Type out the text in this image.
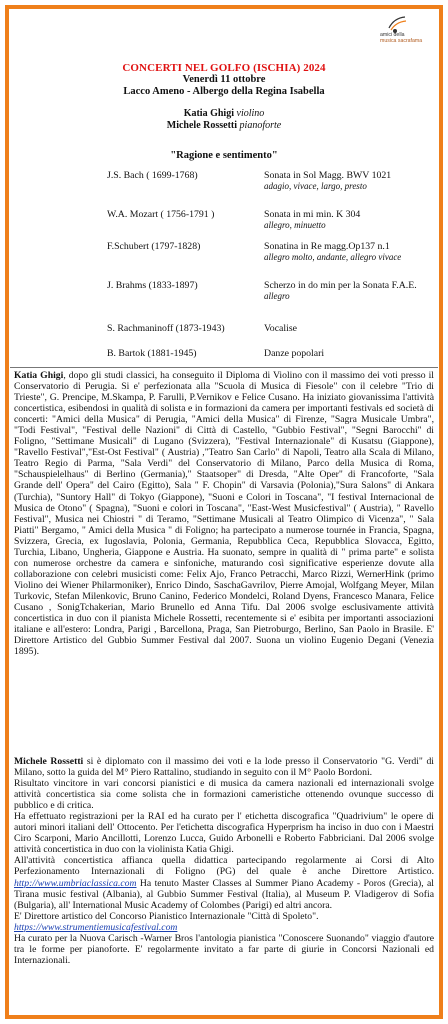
amici della
musica sacrafama
CONCERTI NEL GOLFO (ISCHIA) 2024
Venerdì 11 ottobre
Lacco Ameno - Albergo della Regina Isabella
Katia Ghigi violino
Michele Rossetti pianoforte
"Ragione e sentimento"
J.S. Bach ( 1699-1768)	Sonata in Sol Magg. BWV 1021
adagio, vivace, largo, presto
W.A. Mozart ( 1756-1791 )	Sonata in mi min. K 304
allegro, minuetto
F.Schubert (1797-1828)	Sonatina in Re magg.Op137 n.1
allegro molto, andante, allegro vivace
J. Brahms (1833-1897)	Scherzo in do min per la Sonata F.A.E.
allegro
S. Rachmaninoff (1873-1943)	Vocalise
B. Bartok (1881-1945)	Danze popolari

Katia Ghigi, dopo gli studi classici, ha conseguito il Diploma di Violino con il massimo dei voti presso il Conservatorio di Perugia. Si e' perfezionata alla "Scuola di Musica di Fiesole" con il celebre "Trio di Trieste", G. Prencipe, M.Skampa, P. Farulli, P.Vernikov e Felice Cusano. Ha iniziato giovanissima l'attività concertistica, esibendosi in qualità di solista e in formazioni da camera per importanti festivals ed società di concerti: "Amici della Musica" di Perugia, "Amici della Musica" di Firenze, "Sagra Musicale Umbra", "Todi Festival", "Festival delle Nazioni" di Città di Castello, "Gubbio Festival", "Segni Barocchi" di Foligno, "Settimane Musicali" di Lugano (Svizzera), "Festival Internazionale" di Kusatsu (Giappone), "Ravello Festival","Est-Ost Festival" ( Austria) ,"Teatro San Carlo" di Napoli, Teatro alla Scala di Milano, Teatro Regio di Parma, "Sala Verdi" del Conservatorio di Milano, Parco della Musica di Roma, "Schauspielelhaus" di Berlino (Germania)," Staatsoper" di Dresda, "Alte Oper" di Francoforte, "Sala Grande dell' Opera" del Cairo (Egitto), Sala " F. Chopin" di Varsavia (Polonia),"Sura Salons" di Ankara (Turchia), "Suntory Hall" di Tokyo (Giappone), "Suoni e Colori in Toscana", "I festival Internacional de Musica de Otono" ( Spagna), "Suoni e colori in Toscana", "East-West Musicfestival" ( Austria), " Ravello Festival", Musica nei Chiostri " di Teramo, "Settimane Musicali al Teatro Olimpico di Vicenza", " Sala Piatti" Bergamo, " Amici della Musica " di Foligno; ha partecipato a numerose tournée in Francia, Spagna, Svizzera, Grecia, ex Iugoslavia, Polonia, Germania, Repubblica Ceca, Repubblica Slovacca, Egitto, Turchia, Libano, Ungheria, Giappone e Austria. Ha suonato, sempre in qualità di " prima parte" e solista con numerose orchestre da camera e sinfoniche, maturando così significative esperienze dovute alla collaborazione con celebri musicisti come: Felix Ajo, Franco Petracchi, Marco Rizzi, WernerHink (primo Violino dei Wiener Philarmoniker), Enrico Dindo, SaschaGavrilov, Pierre Amojal, Wolfgang Meyer, Milan Turkovic, Stefan Milenkovic, Bruno Canino, Federico Mondelci, Roland Dyens, Francesco Manara, Felice Cusano , SonigTchakerian, Mario Brunello ed Anna Tifu. Dal 2006 svolge esclusivamente attività concertistica in duo con il pianista Michele Rossetti, recentemente si e' esibita per importanti associazioni italiane e all'estero: Londra, Parigi , Barcellona, Praga, San Pietroburgo, Berlino, San Paolo in Brasile. E' Direttore Artistico del Gubbio Summer Festival dal 2007. Suona un violino Eugenio Degani (Venezia 1895).

Michele Rossetti si è diplomato con il massimo dei voti e la lode presso il Conservatorio "G. Verdi" di Milano, sotto la guida del M° Piero Rattalino, studiando in seguito con il M° Paolo Bordoni.

Risultato vincitore in vari concorsi pianistici e di musica da camera nazionali ed internazionali svolge attività concertistica sia come solista che in formazioni cameristiche ottenendo ovunque successo di pubblico e di critica.

Ha effettuato registrazioni per la RAI ed ha curato per l' etichetta discografica "Quadrivium" le opere di autori minori italiani dell' Ottocento. Per l'etichetta discografica Hyperprism ha inciso in duo con i Maestri Ciro Scarponi, Mario Ancillotti, Lorenzo Lucca, Guido Arbonelli e Roberto Fabbriciani. Dal 2006 svolge attività concertistica in duo con la violinista Katia Ghigi.

All'attività concertistica affianca quella didattica partecipando regolarmente ai Corsi di Alto Perfezionamento Internazionali di Foligno (PG) del quale è anche Direttore Artistico. http://www.umbriaclassica.com Ha tenuto Master Classes al Summer Piano Academy - Poros (Grecia), al Tirana music festival (Albania), al Gubbio Summer Festival (Italia), al Museum P. Vladigerov di Sofia (Bulgaria), all' International Music Academy of Colombes (Parigi) ed altri ancora.

E' Direttore artistico del Concorso Pianistico Internazionale "Città di Spoleto".

https://www.strumentiemusicafestival.com

Ha curato per la Nuova Carisch -Warner Bros l'antologia pianistica "Conoscere Suonando" viaggio d'autore tra le forme per pianoforte. E' regolarmente invitato a far parte di giurie in Concorsi Nazionali ed Internazionali.
